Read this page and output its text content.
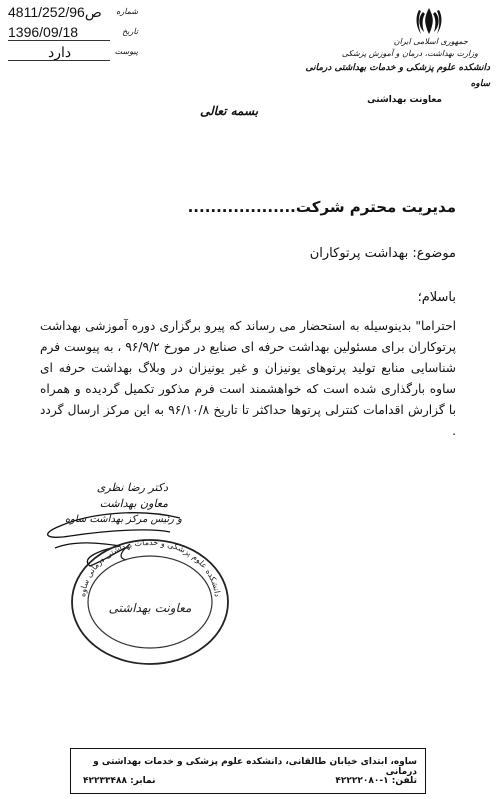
شماره
4811/252/ص96
تاریخ
1396/09/18
پیوست
دارد
جمهوری اسلامی ایران
وزارت بهداشت، درمان و آموزش پزشکی
دانشکده علوم پزشکی و خدمات بهداشتی درمانی ساوه
معاونت بهداشتی
بسمه تعالی
مدیریت محترم شرکت...................
موضوع: بهداشت پرتوکاران
باسلام؛

احتراما" بدینوسیله به استحضار می رساند که پیرو برگزاری دوره آموزشی بهداشت پرتوکاران برای مسئولین بهداشت حرفه ای صنایع در مورخ ۹۶/۹/۲ ، به پیوست فرم شناسایی منابع تولید پرتوهای یونیزان و غیر یونیزان در وبلاگ بهداشت حرفه ای ساوه بارگذاری شده است که خواهشمند است فرم مذکور تکمیل گردیده و همراه با گزارش اقدامات کنترلی پرتوها حداکثر تا تاریخ ۹۶/۱۰/۸ به این مرکز ارسال گردد .

دکتر رضا نظری
معاون بهداشت
و رئیس مرکز بهداشت ساوه
دانشکده علوم پزشکی و خدمات بهداشتی درمانی ساوه
معاونت بهداشتی
ساوه، ابتدای خیابان طالقانی، دانشکده علوم پزشکی و خدمات بهداشتی و درمانی
تلفن: ۱-۴۲۲۲۲۰۸۰
نمابر: ۴۲۲۳۳۴۸۸
